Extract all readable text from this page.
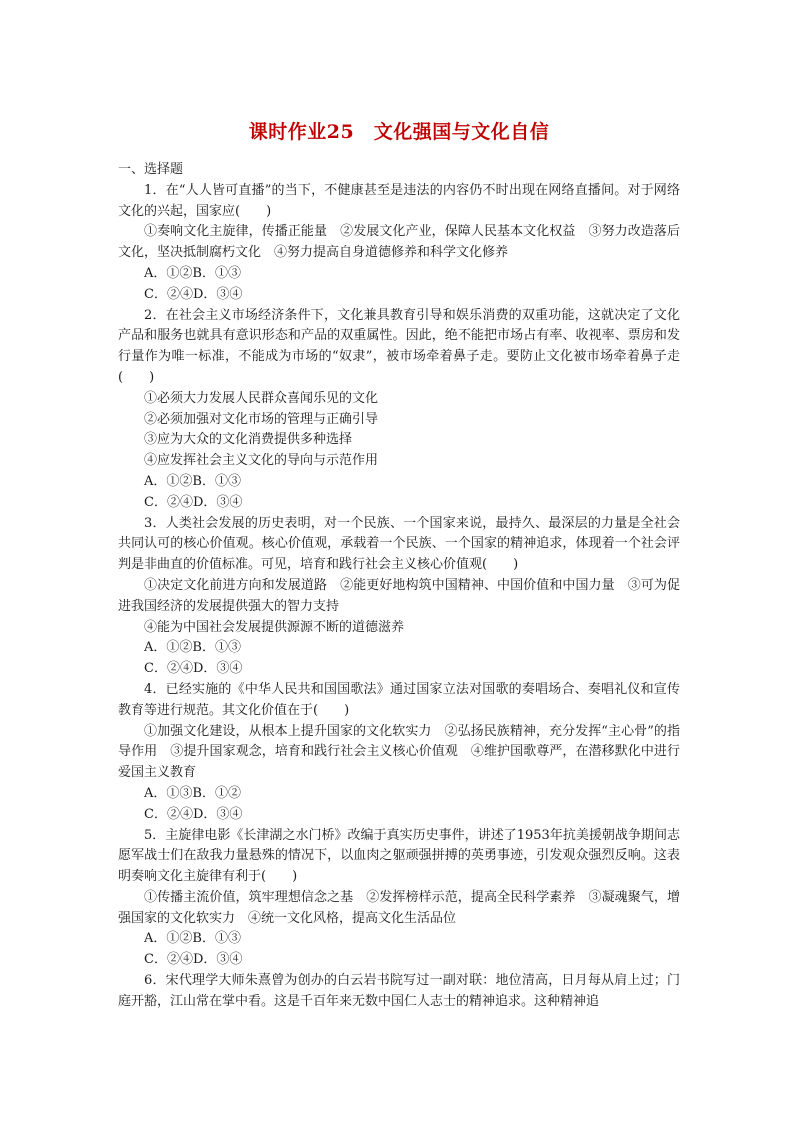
课时作业25　文化强国与文化自信
一、选择题
1．在“人人皆可直播”的当下，不健康甚至是违法的内容仍不时出现在网络直播间。对于网络文化的兴起，国家应(　　)
①奏响文化主旋律，传播正能量　②发展文化产业，保障人民基本文化权益　③努力改造落后文化，坚决抵制腐朽文化　④努力提高自身道德修养和科学文化修养
A．①②B．①③
C．②④D．③④
2．在社会主义市场经济条件下，文化兼具教育引导和娱乐消费的双重功能，这就决定了文化产品和服务也就具有意识形态和产品的双重属性。因此，绝不能把市场占有率、收视率、票房和发行量作为唯一标准，不能成为市场的“奴隶”，被市场牵着鼻子走。要防止文化被市场牵着鼻子走(　　)
①必须大力发展人民群众喜闻乐见的文化
②必须加强对文化市场的管理与正确引导
③应为大众的文化消费提供多种选择
④应发挥社会主义文化的导向与示范作用
A．①②B．①③
C．②④D．③④
3．人类社会发展的历史表明，对一个民族、一个国家来说，最持久、最深层的力量是全社会共同认可的核心价值观。核心价值观，承载着一个民族、一个国家的精神追求，体现着一个社会评判是非曲直的价值标准。可见，培育和践行社会主义核心价值观(　　)
①决定文化前进方向和发展道路　②能更好地构筑中国精神、中国价值和中国力量　③可为促进我国经济的发展提供强大的智力支持
④能为中国社会发展提供源源不断的道德滋养
A．①②B．①③
C．②④D．③④
4．已经实施的《中华人民共和国国歌法》通过国家立法对国歌的奏唱场合、奏唱礼仪和宣传教育等进行规范。其文化价值在于(　　)
①加强文化建设，从根本上提升国家的文化软实力　②弘扬民族精神，充分发挥“主心骨”的指导作用　③提升国家观念，培育和践行社会主义核心价值观　④维护国歌尊严，在潜移默化中进行爱国主义教育
A．①③B．①②
C．②④D．③④
5．主旋律电影《长津湖之水门桥》改编于真实历史事件，讲述了1953年抗美援朝战争期间志愿军战士们在敌我力量悬殊的情况下，以血肉之躯顽强拼搏的英勇事迹，引发观众强烈反响。这表明奏响文化主旋律有利于(　　)
①传播主流价值，筑牢理想信念之基　②发挥榜样示范，提高全民科学素养　③凝魂聚气，增强国家的文化软实力　④统一文化风格，提高文化生活品位
A．①②B．①③
C．②④D．③④
6．宋代理学大师朱熹曾为创办的白云岩书院写过一副对联：地位清高，日月每从肩上过；门庭开豁，江山常在掌中看。这是千百年来无数中国仁人志士的精神追求。这种精神追
